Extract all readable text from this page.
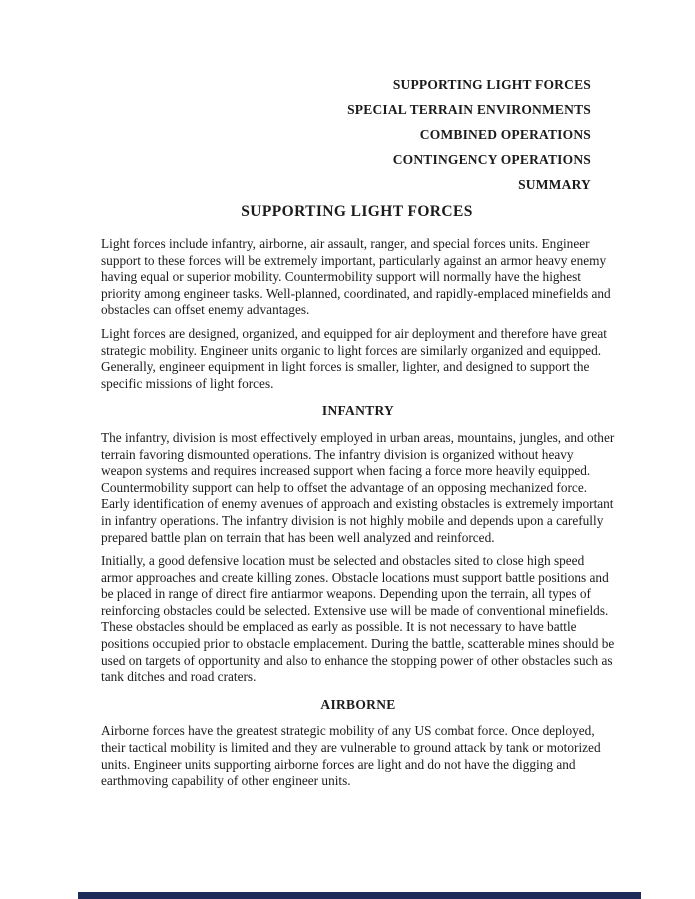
SUPPORTING LIGHT FORCES
SPECIAL TERRAIN ENVIRONMENTS
COMBINED OPERATIONS
CONTINGENCY OPERATIONS
SUMMARY
SUPPORTING LIGHT FORCES

Light forces include infantry, airborne, air assault, ranger, and special forces units. Engineer support to these forces will be extremely important, particularly against an armor heavy enemy having equal or superior mobility. Countermobility support will normally have the highest priority among engineer tasks. Well-planned, coordinated, and rapidly-emplaced minefields and obstacles can offset enemy advantages.

Light forces are designed, organized, and equipped for air deployment and therefore have great strategic mobility. Engineer units organic to light forces are similarly organized and equipped. Generally, engineer equipment in light forces is smaller, lighter, and designed to support the specific missions of light forces.

INFANTRY

The infantry, division is most effectively employed in urban areas, mountains, jungles, and other terrain favoring dismounted operations. The infantry division is organized without heavy weapon systems and requires increased support when facing a force more heavily equipped. Countermobility support can help to offset the advantage of an opposing mechanized force. Early identification of enemy avenues of approach and existing obstacles is extremely important in infantry operations. The infantry division is not highly mobile and depends upon a carefully prepared battle plan on terrain that has been well analyzed and reinforced.

Initially, a good defensive location must be selected and obstacles sited to close high speed armor approaches and create killing zones. Obstacle locations must support battle positions and be placed in range of direct fire antiarmor weapons. Depending upon the terrain, all types of reinforcing obstacles could be selected. Extensive use will be made of conventional minefields. These obstacles should be emplaced as early as possible. It is not necessary to have battle positions occupied prior to obstacle emplacement. During the battle, scatterable mines should be used on targets of opportunity and also to enhance the stopping power of other obstacles such as tank ditches and road craters.

AIRBORNE

Airborne forces have the greatest strategic mobility of any US combat force. Once deployed, their tactical mobility is limited and they are vulnerable to ground attack by tank or motorized units. Engineer units supporting airborne forces are light and do not have the digging and earthmoving capability of other engineer units.
